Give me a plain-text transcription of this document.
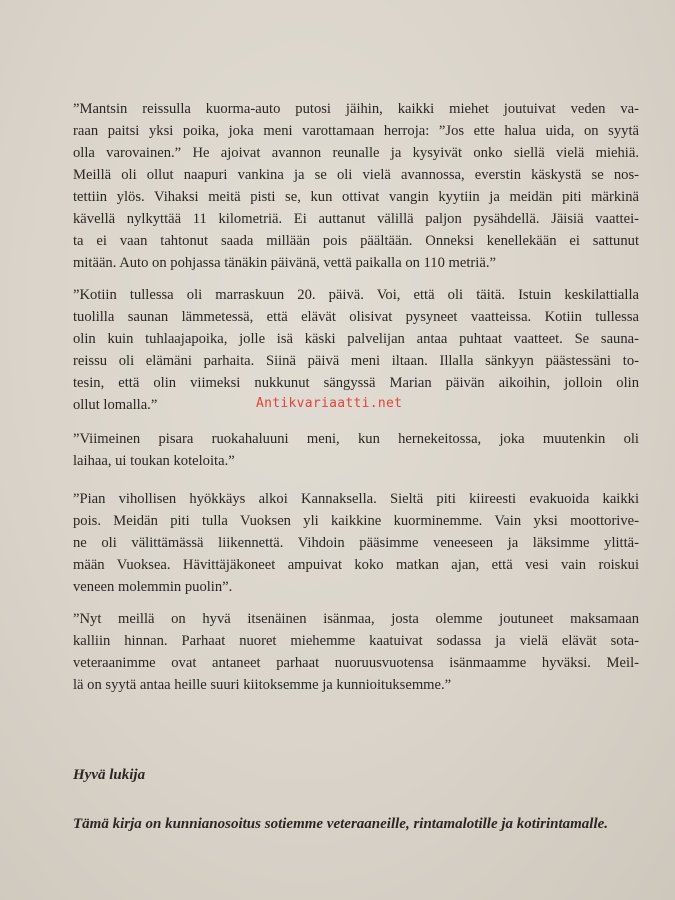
”Mantsin reissulla kuorma-auto putosi jäihin, kaikki miehet joutuivat veden va-
raan paitsi yksi poika, joka meni varottamaan herroja: ”Jos ette halua uida, on syytä
olla varovainen.” He ajoivat avannon reunalle ja kysyivät onko siellä vielä miehiä.
Meillä oli ollut naapuri vankina ja se oli vielä avannossa, everstin käskystä se nos-
tettiin ylös. Vihaksi meitä pisti se, kun ottivat vangin kyytiin ja meidän piti märkinä
kävellä nylkyttää 11 kilometriä. Ei auttanut välillä paljon pysähdellä. Jäisiä vaattei-
ta ei vaan tahtonut saada millään pois päältään. Onneksi kenellekään ei sattunut
mitään. Auto on pohjassa tänäkin päivänä, vettä paikalla on 110 metriä.”
”Kotiin tullessa oli marraskuun 20. päivä. Voi, että oli täitä. Istuin keskilattialla
tuolilla saunan lämmetessä, että elävät olisivat pysyneet vaatteissa. Kotiin tullessa
olin kuin tuhlaajapoika, jolle isä käski palvelijan antaa puhtaat vaatteet. Se sauna-
reissu oli elämäni parhaita. Siinä päivä meni iltaan. Illalla sänkyyn päästessäni to-
tesin, että olin viimeksi nukkunut sängyssä Marian päivän aikoihin, jolloin olin
ollut lomalla.”	Antikvariaatti.net
”Viimeinen pisara ruokahaluuni meni, kun hernekeitossa, joka muutenkin oli
laihaa, ui toukan koteloita.”
”Pian vihollisen hyökkäys alkoi Kannaksella. Sieltä piti kiireesti evakuoida kaikki
pois. Meidän piti tulla Vuoksen yli kaikkine kuorminemme. Vain yksi moottorive-
ne oli välittämässä liikennettä. Vihdoin pääsimme veneeseen ja läksimme ylittä-
mään Vuoksea. Hävittäjäkoneet ampuivat koko matkan ajan, että vesi vain roiskui
veneen molemmin puolin”.
”Nyt meillä on hyvä itsenäinen isänmaa, josta olemme joutuneet maksamaan
kalliin hinnan. Parhaat nuoret miehemme kaatuivat sodassa ja vielä elävät sota-
veteraanimme ovat antaneet parhaat nuoruusvuotensa isänmaamme hyväksi. Meil-
lä on syytä antaa heille suuri kiitoksemme ja kunnioituksemme.”
Hyvä lukija
Tämä kirja on kunnianosoitus sotiemme veteraaneille, rintamalotille ja kotirintamalle.
